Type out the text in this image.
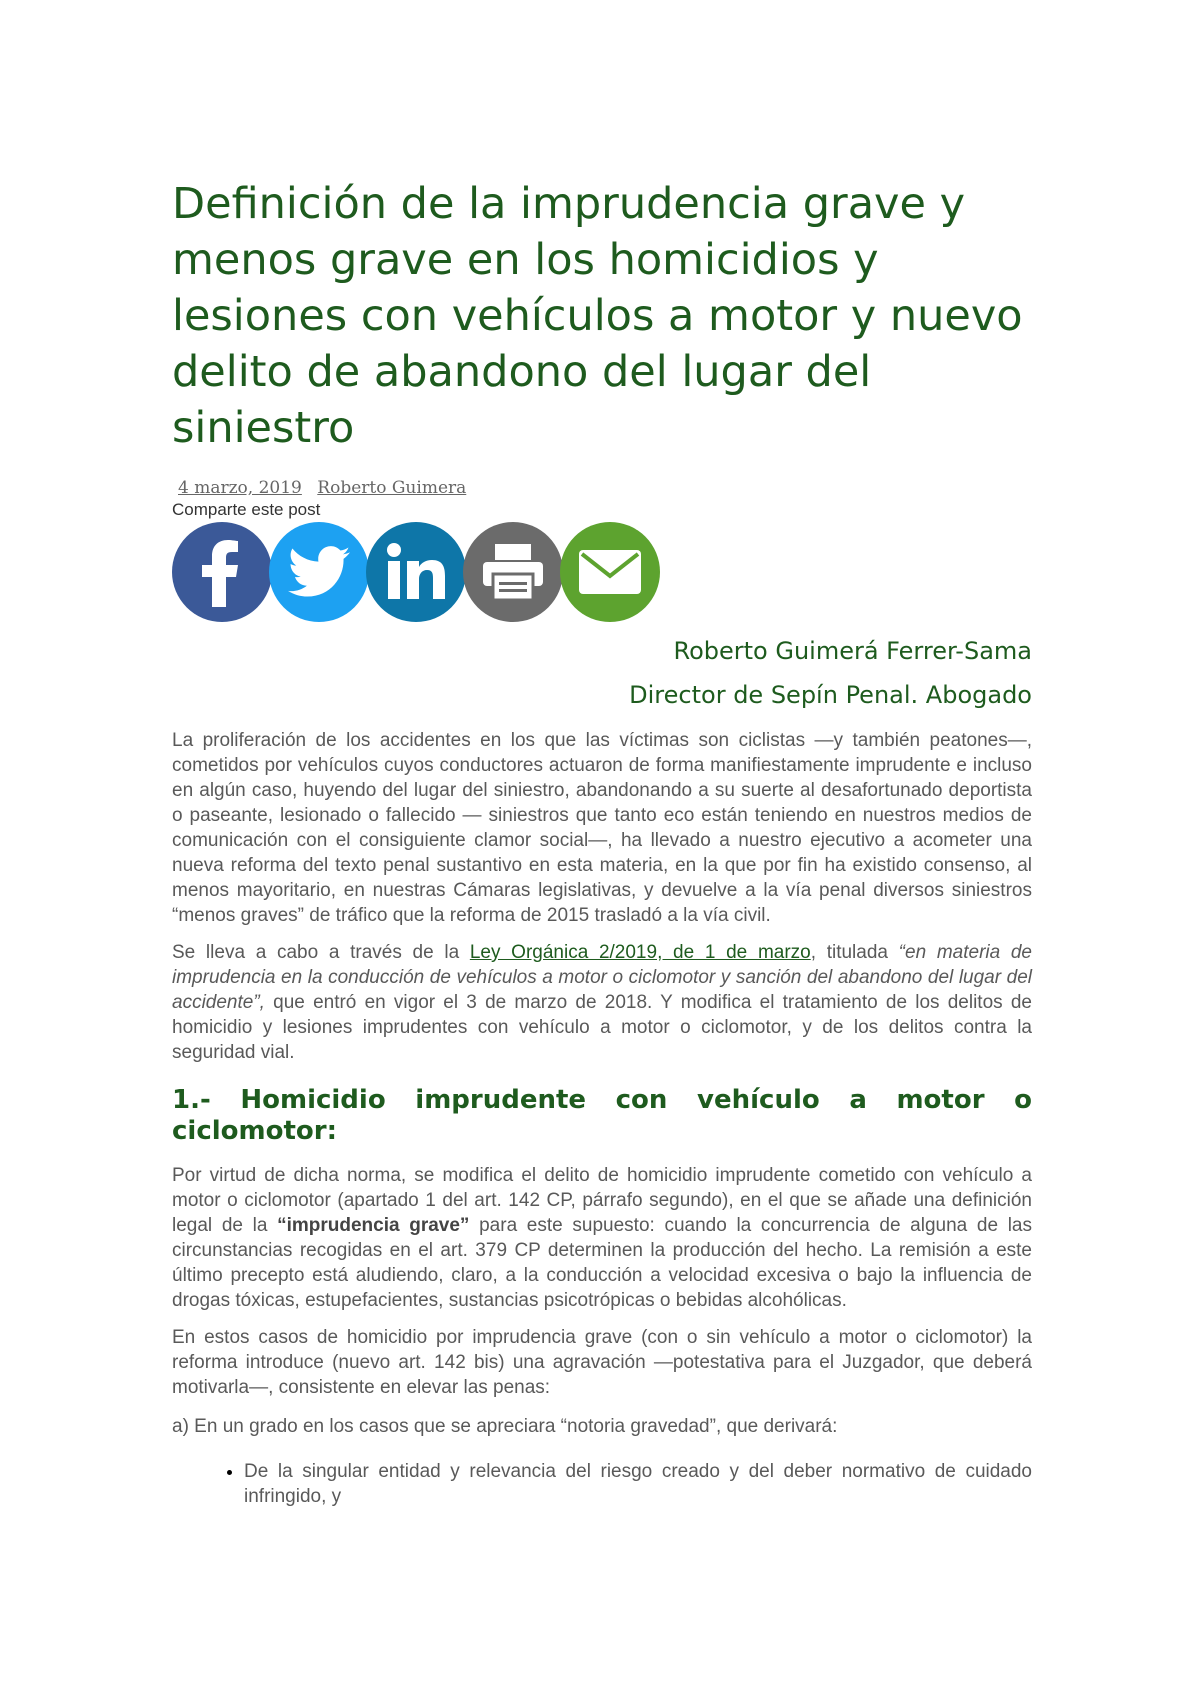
Definición de la imprudencia grave y menos grave en los homicidios y lesiones con vehículos a motor y nuevo delito de abandono del lugar del siniestro
4 marzo, 2019 Roberto Guimera
Comparte este post
Roberto Guimerá Ferrer-Sama
Director de Sepín Penal. Abogado

La proliferación de los accidentes en los que las víctimas son ciclistas —y también peatones—, cometidos por vehículos cuyos conductores actuaron de forma manifiestamente imprudente e incluso en algún caso, huyendo del lugar del siniestro, abandonando a su suerte al desafortunado deportista o paseante, lesionado o fallecido — siniestros que tanto eco están teniendo en nuestros medios de comunicación con el consiguiente clamor social—, ha llevado a nuestro ejecutivo a acometer una nueva reforma del texto penal sustantivo en esta materia, en la que por fin ha existido consenso, al menos mayoritario, en nuestras Cámaras legislativas, y devuelve a la vía penal diversos siniestros “menos graves” de tráfico que la reforma de 2015 trasladó a la vía civil.

Se lleva a cabo a través de la Ley Orgánica 2/2019, de 1 de marzo, titulada “en materia de imprudencia en la conducción de vehículos a motor o ciclomotor y sanción del abandono del lugar del accidente”, que entró en vigor el 3 de marzo de 2018. Y modifica el tratamiento de los delitos de homicidio y lesiones imprudentes con vehículo a motor o ciclomotor, y de los delitos contra la seguridad vial.

1.- Homicidio imprudente con vehículo a motor o ciclomotor:

Por virtud de dicha norma, se modifica el delito de homicidio imprudente cometido con vehículo a motor o ciclomotor (apartado 1 del art. 142 CP, párrafo segundo), en el que se añade una definición legal de la “imprudencia grave” para este supuesto: cuando la concurrencia de alguna de las circunstancias recogidas en el art. 379 CP determinen la producción del hecho. La remisión a este último precepto está aludiendo, claro, a la conducción a velocidad excesiva o bajo la influencia de drogas tóxicas, estupefacientes, sustancias psicotrópicas o bebidas alcohólicas.

En estos casos de homicidio por imprudencia grave (con o sin vehículo a motor o ciclomotor) la reforma introduce (nuevo art. 142 bis) una agravación —potestativa para el Juzgador, que deberá motivarla—, consistente en elevar las penas:

a) En un grado en los casos que se apreciara “notoria gravedad”, que derivará:

• De la singular entidad y relevancia del riesgo creado y del deber normativo de cuidado infringido, y
